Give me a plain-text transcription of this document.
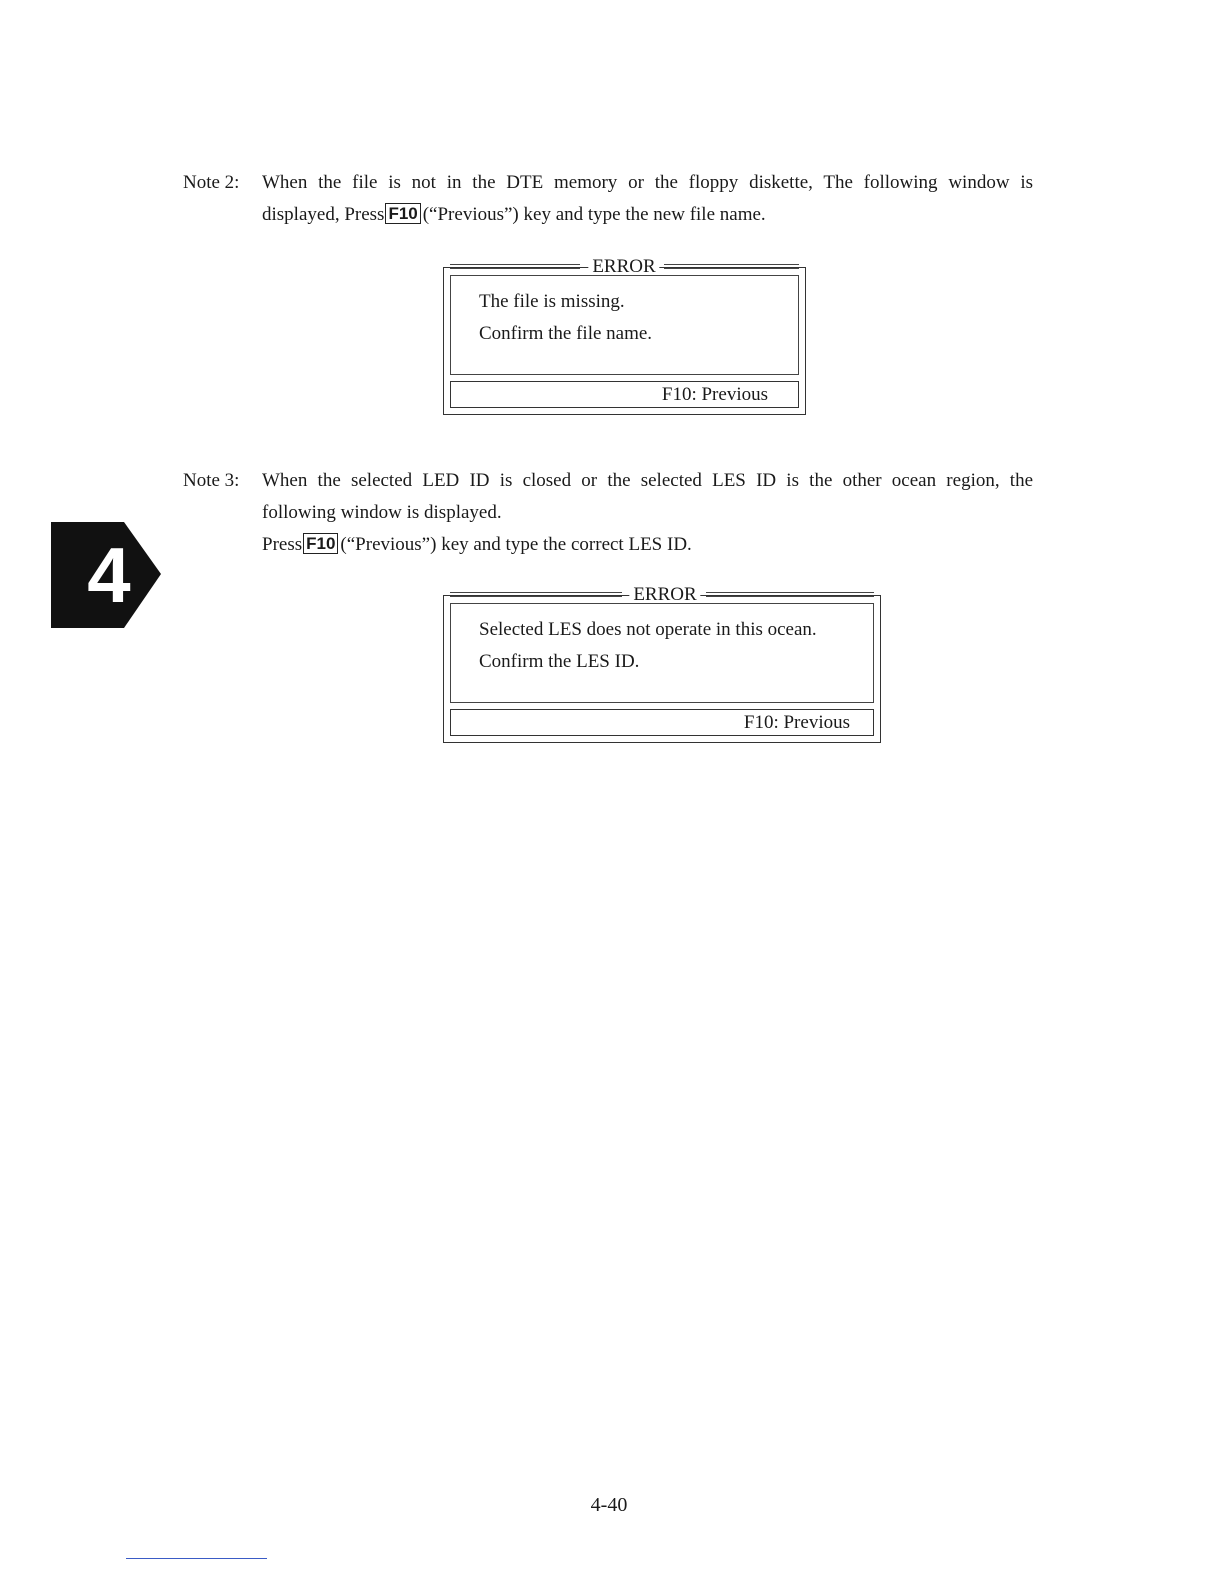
Note 2:	When the file is not in the DTE memory or the floppy diskette, The following window is
displayed, Press F10 (“Previous”) key and type the new file name.
ERROR
The file is missing.
Confirm the file name.
F10: Previous
Note 3:	When the selected LED ID is closed or the selected LES ID is the other ocean region, the
following window is displayed.
Press F10 (“Previous”) key and type the correct LES ID.
ERROR
Selected LES does not operate in this ocean.
Confirm the LES ID.
F10: Previous
4
4-40
